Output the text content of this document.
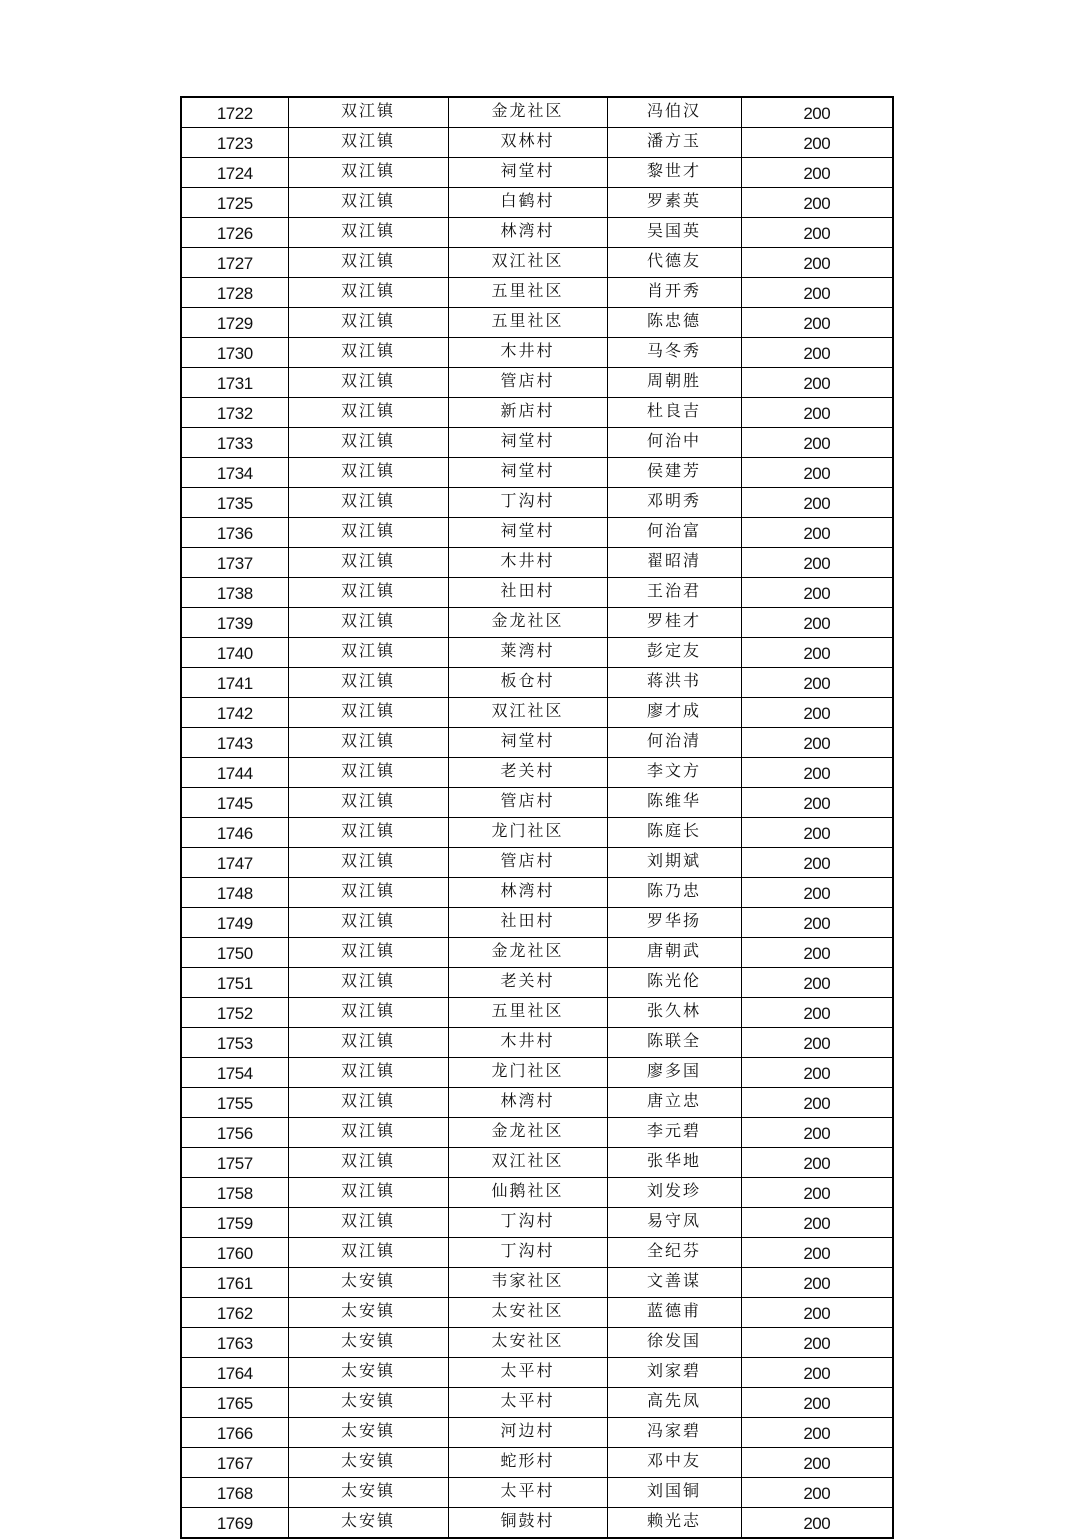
1722	双江镇	金龙社区	冯伯汉	200
1723	双江镇	双林村	潘方玉	200
1724	双江镇	祠堂村	黎世才	200
1725	双江镇	白鹤村	罗素英	200
1726	双江镇	林湾村	吴国英	200
1727	双江镇	双江社区	代德友	200
1728	双江镇	五里社区	肖开秀	200
1729	双江镇	五里社区	陈忠德	200
1730	双江镇	木井村	马冬秀	200
1731	双江镇	管店村	周朝胜	200
1732	双江镇	新店村	杜良吉	200
1733	双江镇	祠堂村	何治中	200
1734	双江镇	祠堂村	侯建芳	200
1735	双江镇	丁沟村	邓明秀	200
1736	双江镇	祠堂村	何治富	200
1737	双江镇	木井村	翟昭清	200
1738	双江镇	社田村	王治君	200
1739	双江镇	金龙社区	罗桂才	200
1740	双江镇	莱湾村	彭定友	200
1741	双江镇	板仓村	蒋洪书	200
1742	双江镇	双江社区	廖才成	200
1743	双江镇	祠堂村	何治清	200
1744	双江镇	老关村	李文方	200
1745	双江镇	管店村	陈维华	200
1746	双江镇	龙门社区	陈庭长	200
1747	双江镇	管店村	刘期斌	200
1748	双江镇	林湾村	陈乃忠	200
1749	双江镇	社田村	罗华扬	200
1750	双江镇	金龙社区	唐朝武	200
1751	双江镇	老关村	陈光伦	200
1752	双江镇	五里社区	张久林	200
1753	双江镇	木井村	陈联全	200
1754	双江镇	龙门社区	廖多国	200
1755	双江镇	林湾村	唐立忠	200
1756	双江镇	金龙社区	李元碧	200
1757	双江镇	双江社区	张华地	200
1758	双江镇	仙鹅社区	刘发珍	200
1759	双江镇	丁沟村	易守凤	200
1760	双江镇	丁沟村	全纪芬	200
1761	太安镇	韦家社区	文善谋	200
1762	太安镇	太安社区	蓝德甫	200
1763	太安镇	太安社区	徐发国	200
1764	太安镇	太平村	刘家碧	200
1765	太安镇	太平村	高先凤	200
1766	太安镇	河边村	冯家碧	200
1767	太安镇	蛇形村	邓中友	200
1768	太安镇	太平村	刘国铜	200
1769	太安镇	铜鼓村	赖光志	200
